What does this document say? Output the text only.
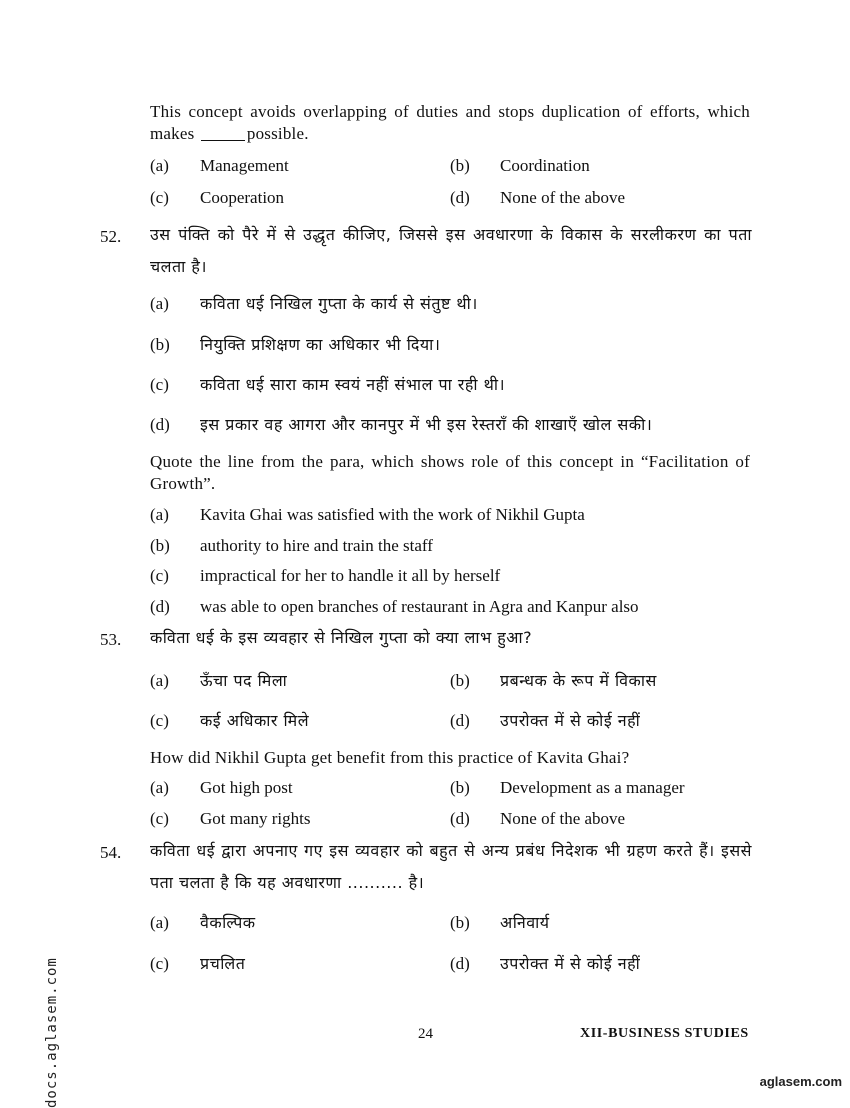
This concept avoids overlapping of duties and stops duplication of efforts, which makes	possible.
(a) Management	(b) Coordination
(c) Cooperation	(d) None of the above
52. उस पंक्ति को पैरे में से उद्धृत कीजिए, जिससे इस अवधारणा के विकास के सरलीकरण का पता चलता है।
(a) कविता धई निखिल गुप्ता के कार्य से संतुष्ट थी।
(b) नियुक्ति प्रशिक्षण का अधिकार भी दिया।
(c) कविता धई सारा काम स्वयं नहीं संभाल पा रही थी।
(d) इस प्रकार वह आगरा और कानपुर में भी इस रेस्तराँ की शाखाएँ खोल सकी।
Quote the line from the para, which shows role of this concept in “Facilitation of Growth”.
(a) Kavita Ghai was satisfied with the work of Nikhil Gupta
(b) authority to hire and train the staff
(c) impractical for her to handle it all by herself
(d) was able to open branches of restaurant in Agra and Kanpur also
53. कविता धई के इस व्यवहार से निखिल गुप्ता को क्या लाभ हुआ?
(a) ऊँचा पद मिला	(b) प्रबन्धक के रूप में विकास
(c) कई अधिकार मिले	(d) उपरोक्त में से कोई नहीं
How did Nikhil Gupta get benefit from this practice of Kavita Ghai?
(a) Got high post	(b) Development as a manager
(c) Got many rights	(d) None of the above
54. कविता धई द्वारा अपनाए गए इस व्यवहार को बहुत से अन्य प्रबंध निदेशक भी ग्रहण करते हैं। इससे पता चलता है कि यह अवधारणा .......... है।
(a) वैकल्पिक	(b) अनिवार्य
(c) प्रचलित	(d) उपरोक्त में से कोई नहीं
24	XII-BUSINESS STUDIES
docs.aglasem.com	aglasem.com
